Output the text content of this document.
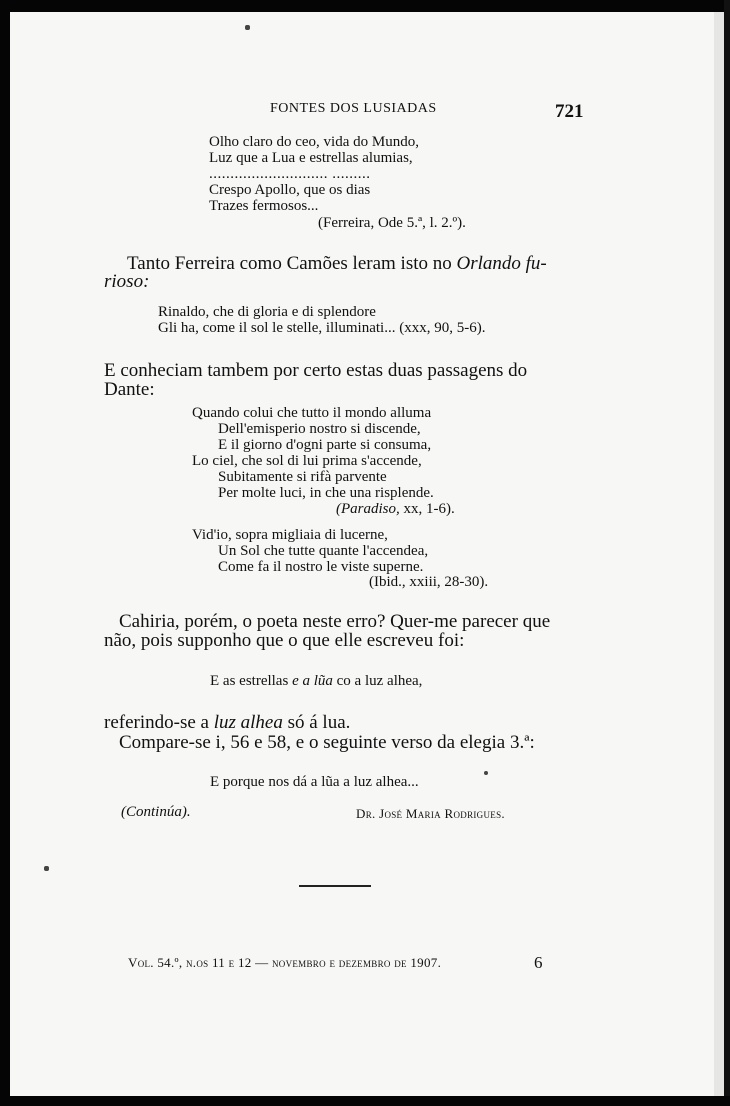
FONTES DOS LUSIADAS	721
Olho claro do ceo, vida do Mundo,
Luz que a Lua e estrellas alumias,
............................ .........
Crespo Apollo, que os dias
Trazes fermosos...
(Ferreira, Ode 5.ª, l. 2.º).
Tanto Ferreira como Camões leram isto no Orlando fu-
rioso:
Rinaldo, che di gloria e di splendore
Gli ha, come il sol le stelle, illuminati... (xxx, 90, 5-6).
E conheciam tambem por certo estas duas passagens do
Dante:
Quando colui che tutto il mondo alluma
Dell'emisperio nostro si discende,
E il giorno d'ogni parte si consuma,
Lo ciel, che sol di lui prima s'accende,
Subitamente si rifà parvente
Per molte luci, in che una risplende.
(Paradiso, xx, 1-6).
Vid'io, sopra migliaia di lucerne,
Un Sol che tutte quante l'accendea,
Come fa il nostro le viste superne.
(Ibid., xxiii, 28-30).
Cahiria, porém, o poeta neste erro? Quer-me parecer que
não, pois supponho que o que elle escreveu foi:
E as estrellas e a lũa co a luz alhea,
referindo-se a luz alhea só á lua.
Compare-se i, 56 e 58, e o seguinte verso da elegia 3.ª:
E porque nos dá a lũa a luz alhea...
(Continúa).	Dr. José Maria Rodrigues.
Vol. 54.º, n.os 11 e 12 — novembro e dezembro de 1907.	6
